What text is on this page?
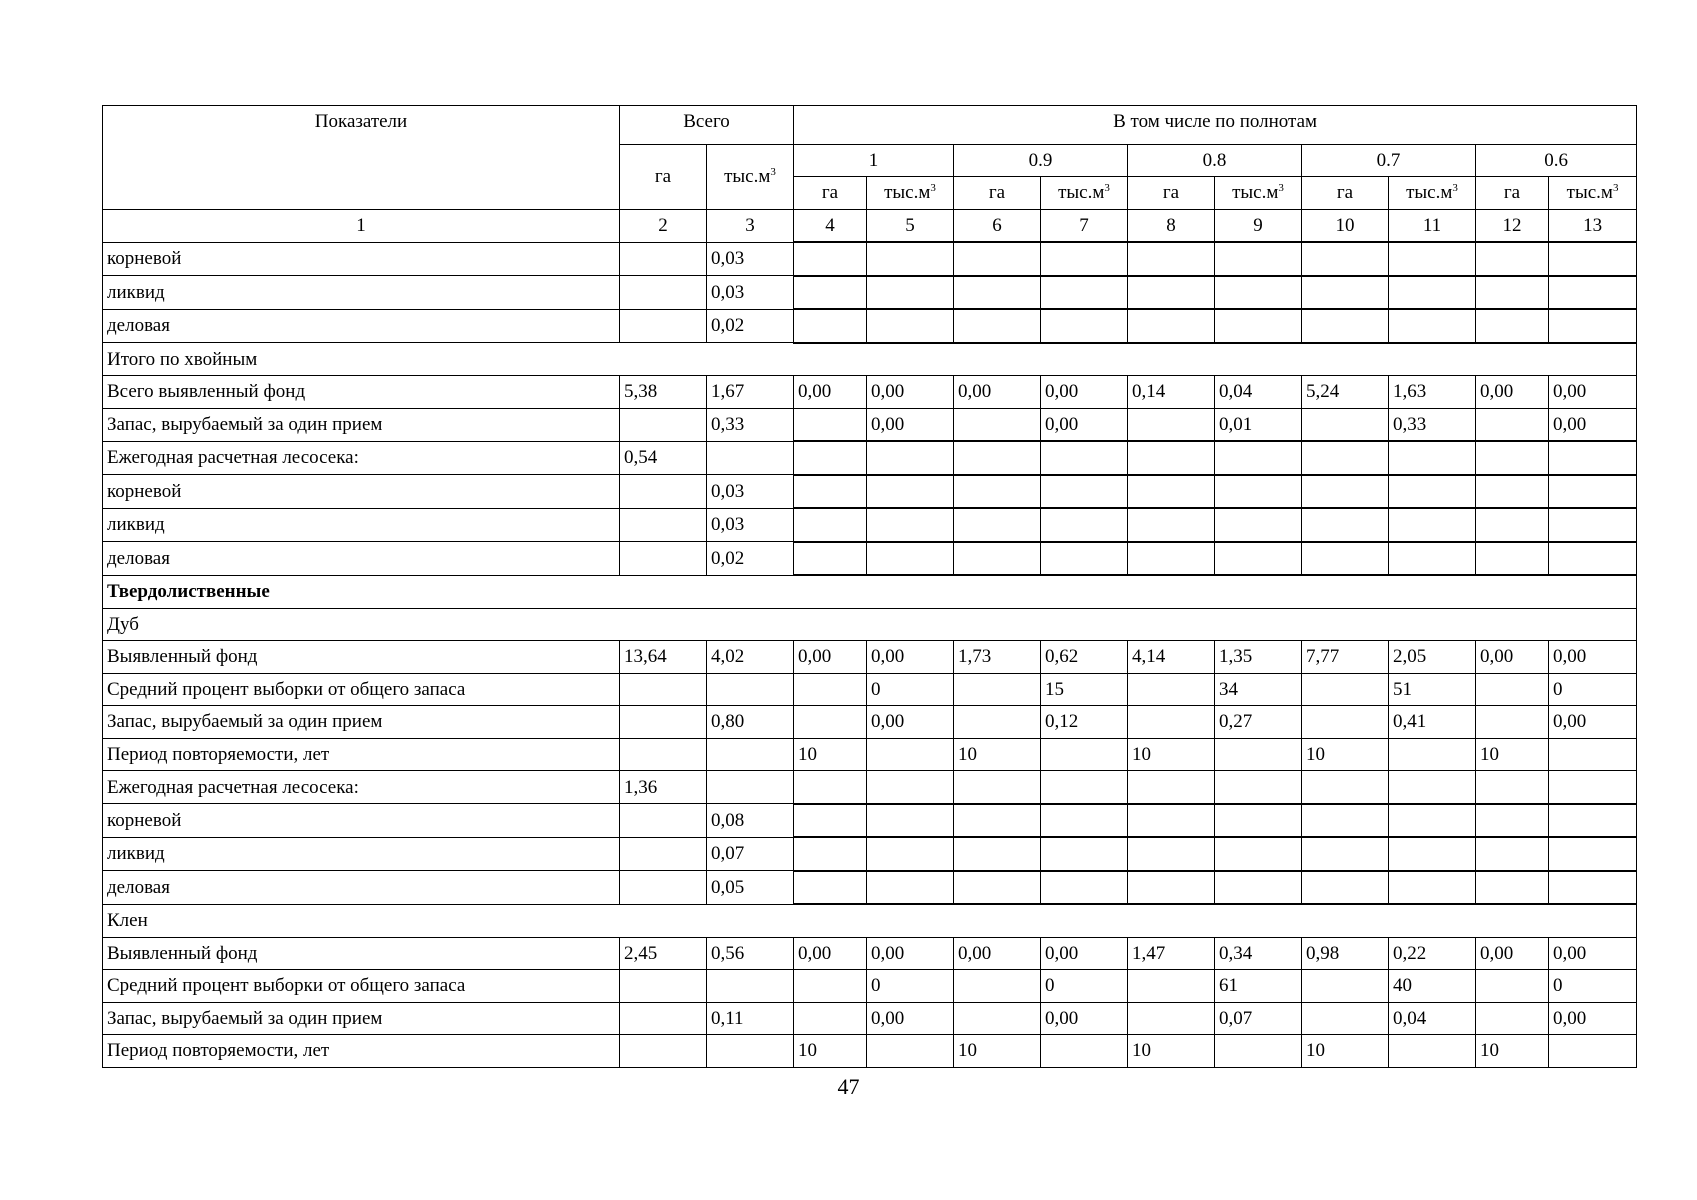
Показатели	Всего		В том числе по полнотам									
	га	$тыс.м^3$	1		0.9		0.8		0.7		0.6	
			га	$тыс.м^3$	га	$тыс.м^3$	га	$тыс.м^3$	га	$тыс.м^3$	га	$тыс.м^3$
1	2	3	4	5	6	7	8	9	10	11	12	13
корневой		0,03										
ликвид		0,03										
деловая		0,02										
Итого по хвойным												
Всего выявленный фонд	5,38	1,67	0,00	0,00	0,00	0,00	0,14	0,04	5,24	1,63	0,00	0,00
Запас, вырубаемый за один прием		0,33		0,00		0,00		0,01		0,33		0,00
Ежегодная расчетная лесосека:	0,54											
корневой		0,03										
ликвид		0,03										
деловая		0,02										
Твердолиственные												
Дуб												
Выявленный фонд	13,64	4,02	0,00	0,00	1,73	0,62	4,14	1,35	7,77	2,05	0,00	0,00
Средний процент выборки от общего запаса				0		15		34		51		0
Запас, вырубаемый за один прием		0,80		0,00		0,12		0,27		0,41		0,00
Период повторяемости, лет			10		10		10		10		10	
Ежегодная расчетная лесосека:	1,36											
корневой		0,08										
ликвид		0,07										
деловая		0,05										
Клен												
Выявленный фонд	2,45	0,56	0,00	0,00	0,00	0,00	1,47	0,34	0,98	0,22	0,00	0,00
Средний процент выборки от общего запаса				0		0		61		40		0
Запас, вырубаемый за один прием		0,11		0,00		0,00		0,07		0,04		0,00
Период повторяемости, лет			10		10		10		10		10	
47
